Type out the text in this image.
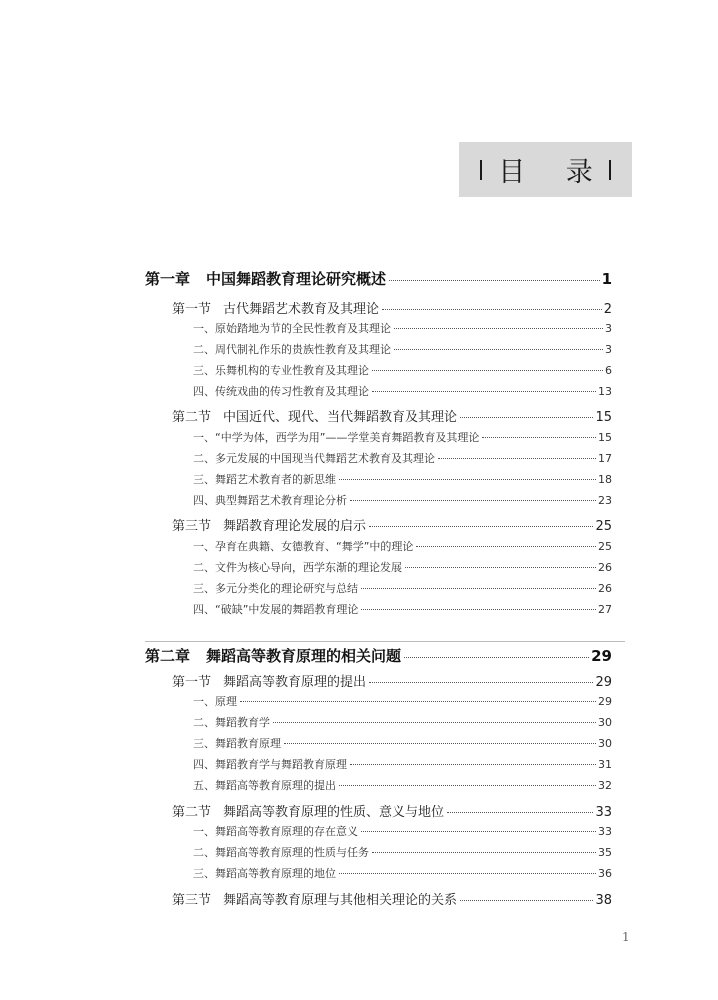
目 录
第一章 中国舞蹈教育理论研究概述	1
第一节 古代舞蹈艺术教育及其理论	2
一、原始踏地为节的全民性教育及其理论	3
二、周代制礼作乐的贵族性教育及其理论	3
三、乐舞机构的专业性教育及其理论	6
四、传统戏曲的传习性教育及其理论	13
第二节 中国近代、现代、当代舞蹈教育及其理论	15
一、“中学为体，西学为用”——学堂美育舞蹈教育及其理论	15
二、多元发展的中国现当代舞蹈艺术教育及其理论	17
三、舞蹈艺术教育者的新思维	18
四、典型舞蹈艺术教育理论分析	23
第三节 舞蹈教育理论发展的启示	25
一、孕育在典籍、女德教育、“舞学”中的理论	25
二、文件为核心导向，西学东渐的理论发展	26
三、多元分类化的理论研究与总结	26
四、“破缺”中发展的舞蹈教育理论	27
第二章 舞蹈高等教育原理的相关问题	29
第一节 舞蹈高等教育原理的提出	29
一、原理	29
二、舞蹈教育学	30
三、舞蹈教育原理	30
四、舞蹈教育学与舞蹈教育原理	31
五、舞蹈高等教育原理的提出	32
第二节 舞蹈高等教育原理的性质、意义与地位	33
一、舞蹈高等教育原理的存在意义	33
二、舞蹈高等教育原理的性质与任务	35
三、舞蹈高等教育原理的地位	36
第三节 舞蹈高等教育原理与其他相关理论的关系	38
1
